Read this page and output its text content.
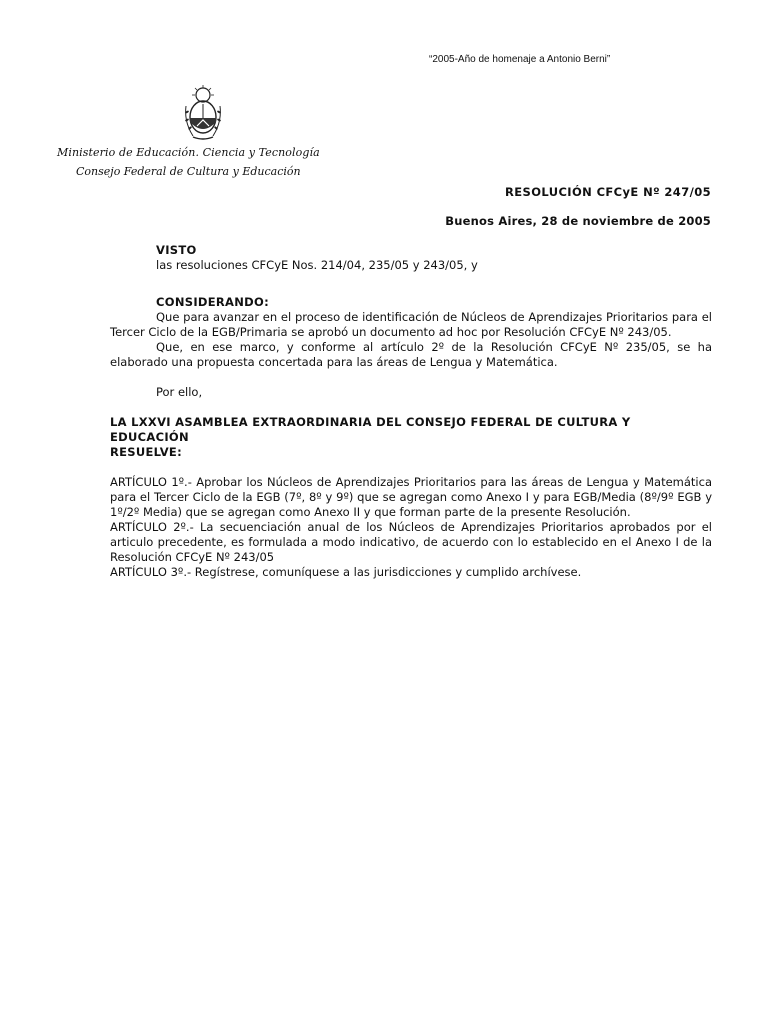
“2005-Año de homenaje a Antonio Berni”
Ministerio de Educación. Ciencia y Tecnología
Consejo Federal de Cultura y Educación
RESOLUCIÓN CFCyE Nº 247/05
Buenos Aires, 28 de noviembre de 2005

VISTO

las resoluciones CFCyE Nos. 214/04, 235/05 y 243/05, y

CONSIDERANDO:

Que para avanzar en el proceso de identificación de Núcleos de Aprendizajes Prioritarios para el Tercer Ciclo de la EGB/Primaria se aprobó un documento ad hoc por Resolución CFCyE Nº 243/05.

Que, en ese marco, y conforme al artículo 2º de la Resolución CFCyE Nº 235/05, se ha elaborado una propuesta concertada para las áreas de Lengua y Matemática.

Por ello,

LA LXXVI ASAMBLEA EXTRAORDINARIA DEL CONSEJO FEDERAL DE CULTURA Y EDUCACIÓN

RESUELVE:

ARTÍCULO 1º.- Aprobar los Núcleos de Aprendizajes Prioritarios para las áreas de Lengua y Matemática para el Tercer Ciclo de la EGB (7º, 8º y 9º) que se agregan como Anexo I y para EGB/Media (8º/9º EGB y 1º/2º Media) que se agregan como Anexo II y que forman parte de la presente Resolución.

ARTÍCULO 2º.- La secuenciación anual de los Núcleos de Aprendizajes Prioritarios aprobados por el articulo precedente, es formulada a modo indicativo, de acuerdo con lo establecido en el Anexo I de la Resolución CFCyE Nº 243/05

ARTÍCULO 3º.- Regístrese, comuníquese a las jurisdicciones y cumplido archívese.
